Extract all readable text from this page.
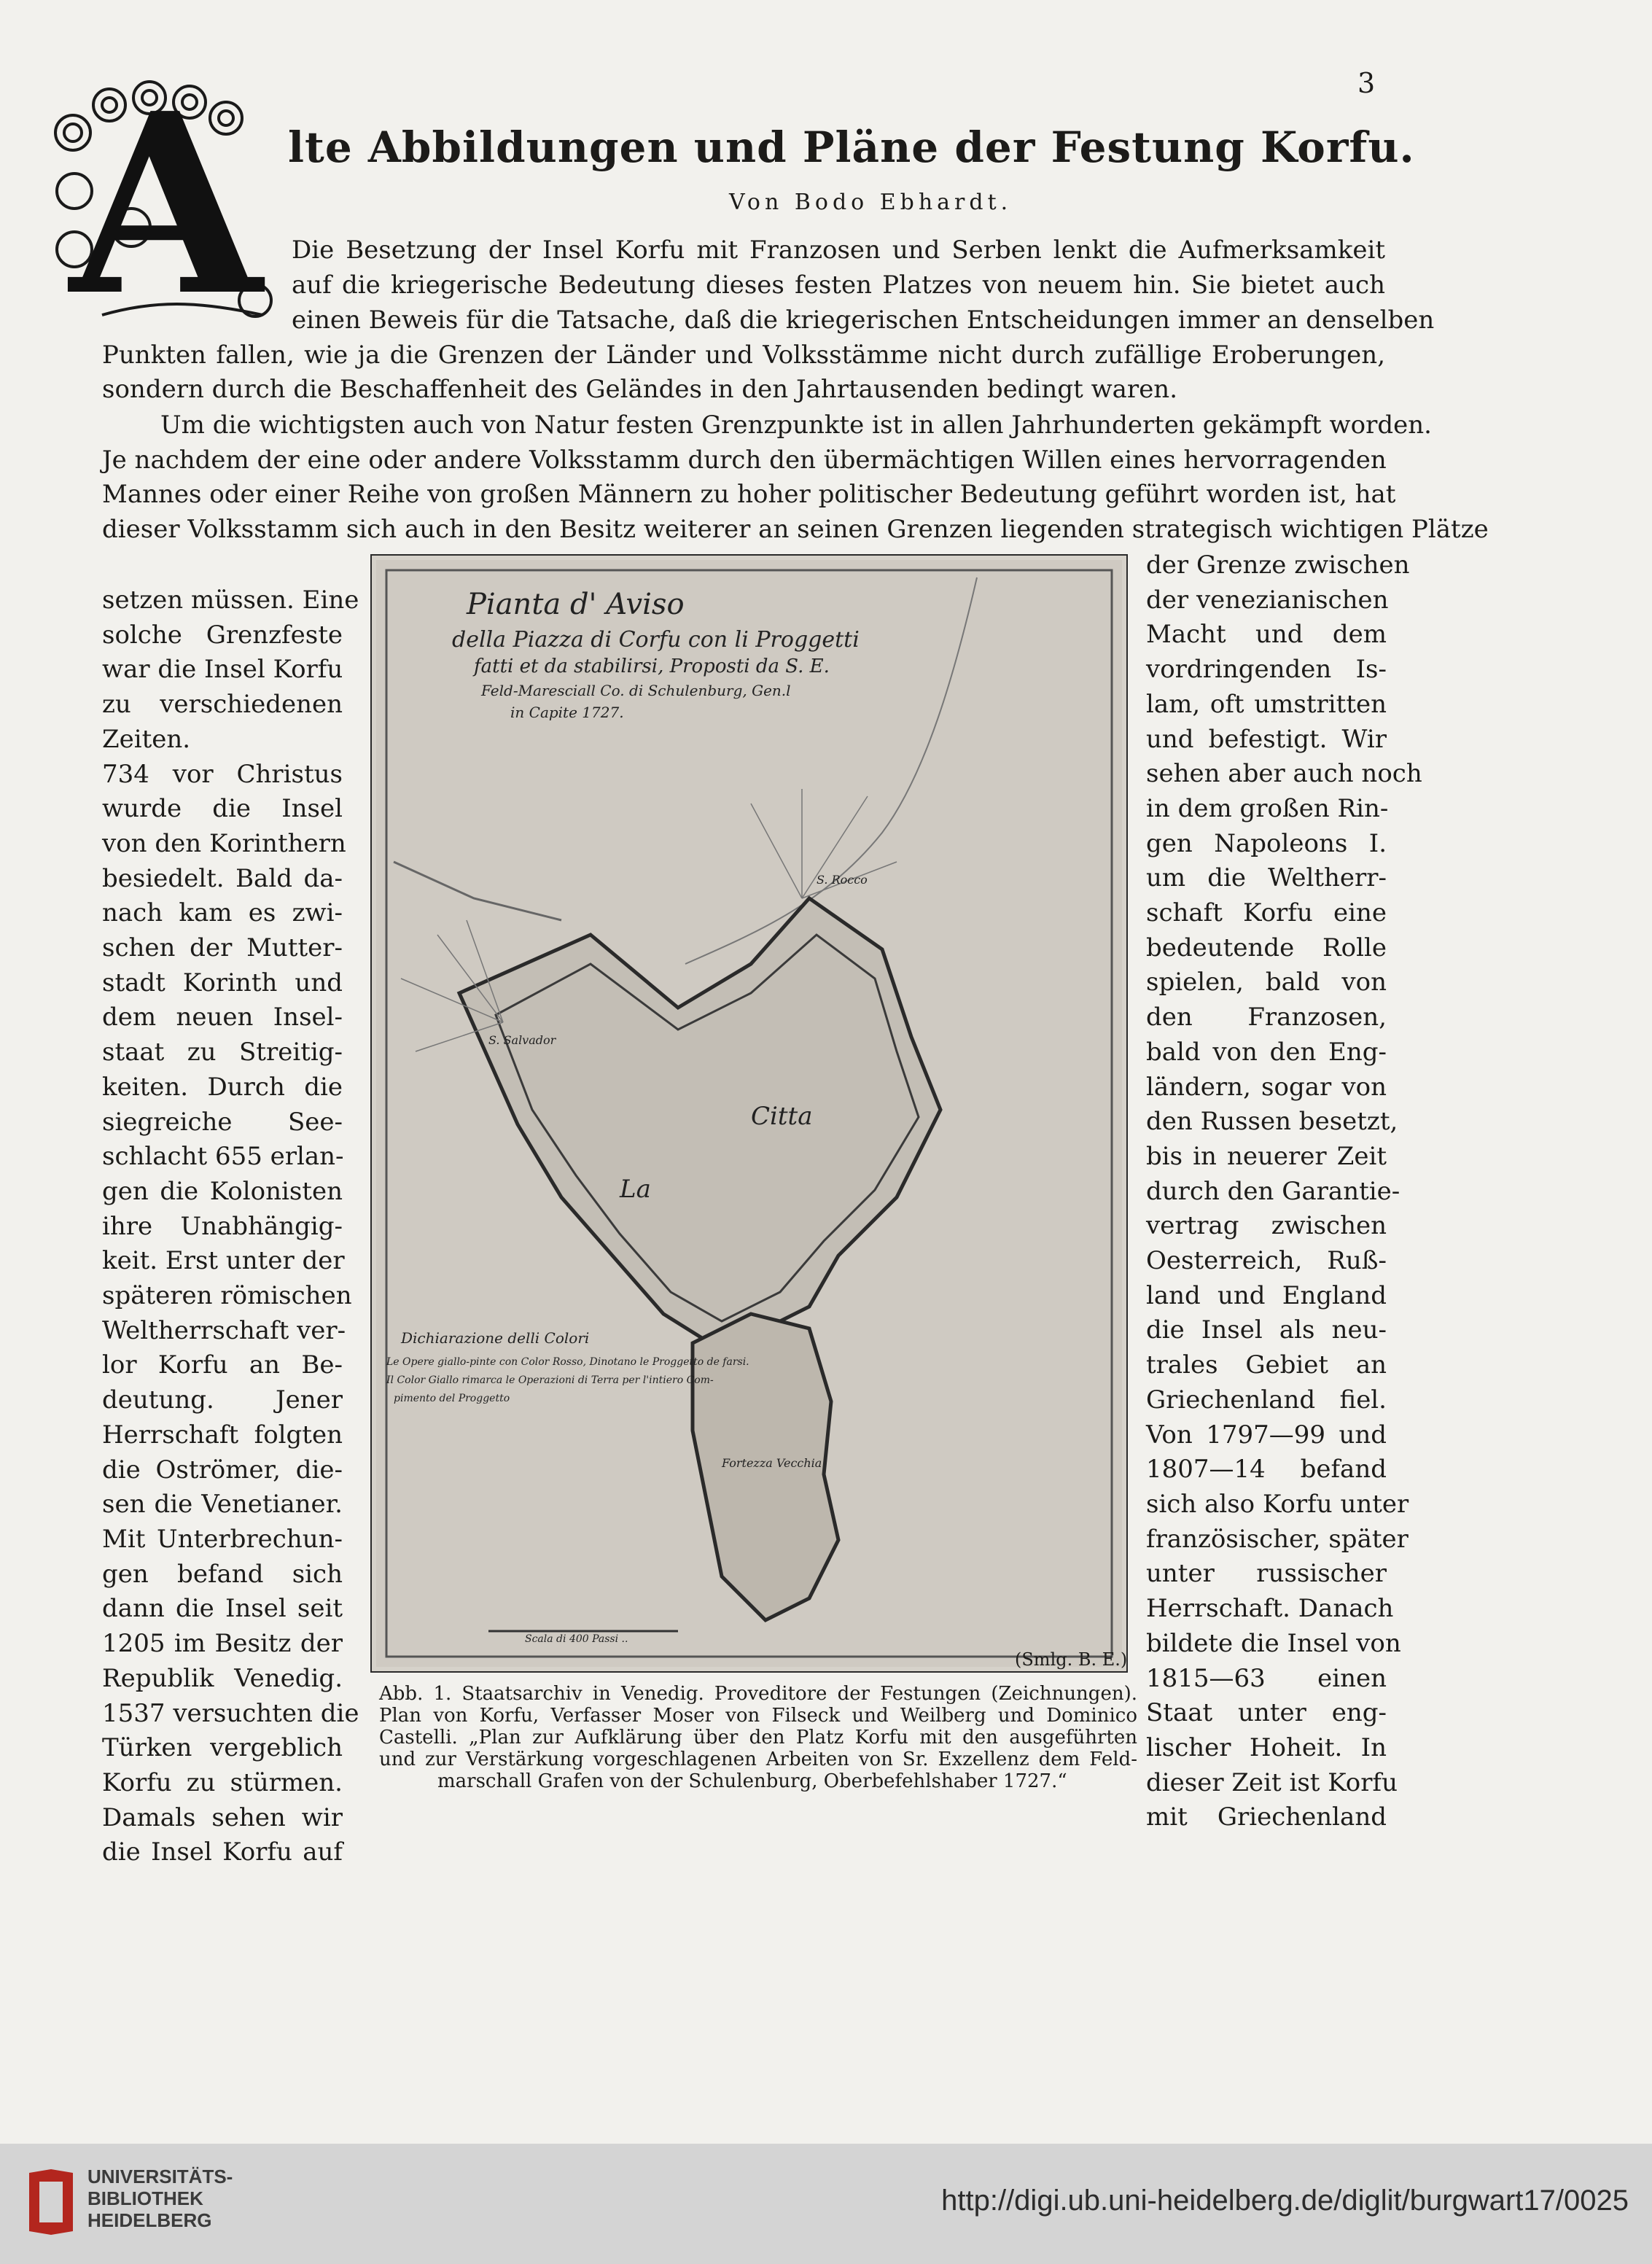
3
A lte Abbildungen und Pläne der Festung Korfu.
Von Bodo Ebhardt.
Die Besetzung der Insel Korfu mit Franzosen und Serben lenkt die Aufmerksamkeit
auf die kriegerische Bedeutung dieses festen Platzes von neuem hin. Sie bietet auch
einen Beweis für die Tatsache, daß die kriegerischen Entscheidungen immer an denselben
Punkten fallen, wie ja die Grenzen der Länder und Volksstämme nicht durch zufällige Eroberungen,
sondern durch die Beschaffenheit des Geländes in den Jahrtausenden bedingt waren.
Um die wichtigsten auch von Natur festen Grenzpunkte ist in allen Jahrhunderten gekämpft worden.
Je nachdem der eine oder andere Volksstamm durch den übermächtigen Willen eines hervorragenden
Mannes oder einer Reihe von großen Männern zu hoher politischer Bedeutung geführt worden ist, hat
dieser Volksstamm sich auch in den Besitz weiterer an seinen Grenzen liegenden strategisch wichtigen Plätze
setzen müssen. Eine
solche Grenzfeste
war die Insel Korfu
zu verschiedenen
Zeiten.
734 vor Christus
wurde die Insel
von den Korinthern
besiedelt. Bald da-
nach kam es zwi-
schen der Mutter-
stadt Korinth und
dem neuen Insel-
staat zu Streitig-
keiten. Durch die
siegreiche See-
schlacht 655 erlan-
gen die Kolonisten
ihre Unabhängig-
keit. Erst unter der
späteren römischen
Weltherrschaft ver-
lor Korfu an Be-
deutung. Jener
Herrschaft folgten
die Oströmer, die-
sen die Venetianer.
Mit Unterbrechun-
gen befand sich
dann die Insel seit
1205 im Besitz der
Republik Venedig.
1537 versuchten die
Türken vergeblich
Korfu zu stürmen.
Damals sehen wir
die Insel Korfu auf
der Grenze zwischen
der venezianischen
Macht und dem
vordringenden Is-
lam, oft umstritten
und befestigt. Wir
sehen aber auch noch
in dem großen Rin-
gen Napoleons I.
um die Weltherr-
schaft Korfu eine
bedeutende Rolle
spielen, bald von
den Franzosen,
bald von den Eng-
ländern, sogar von
den Russen besetzt,
bis in neuerer Zeit
durch den Garantie-
vertrag zwischen
Oesterreich, Ruß-
land und England
die Insel als neu-
trales Gebiet an
Griechenland fiel.
Von 1797—99 und
1807—14 befand
sich also Korfu unter
französischer, später
unter russischer
Herrschaft. Danach
bildete die Insel von
1815—63 einen
Staat unter eng-
lischer Hoheit. In
dieser Zeit ist Korfu
mit Griechenland
Pianta d' Aviso
della Piazza di Corfu con li Proggetti
fatti et da stabilirsi, Proposti da S. E.
Feld-Maresciall Co. di Schulenburg, Gen.l
in Capite 1727.
Citta
La
Fortezza Vecchia
S. Salvador
S. Rocco
Dichiarazione delli Colori
Le Opere giallo-pinte con Color Rosso, Dinotano le Proggetto de farsi.
Il Color Giallo rimarca le Operazioni di Terra per l'intiero Com-
pimento del Proggetto
Scala di 400 Passi ..
(Smlg. B. E.)
Abb. 1. Staatsarchiv in Venedig. Proveditore der Festungen (Zeichnungen).
Plan von Korfu, Verfasser Moser von Filseck und Weilberg und Dominico
Castelli. „Plan zur Aufklärung über den Platz Korfu mit den ausgeführten
und zur Verstärkung vorgeschlagenen Arbeiten von Sr. Exzellenz dem Feld-
marschall Grafen von der Schulenburg, Oberbefehlshaber 1727.“
UNIVERSITÄTS-
BIBLIOTHEK
HEIDELBERG
http://digi.ub.uni-heidelberg.de/diglit/burgwart17/0025
